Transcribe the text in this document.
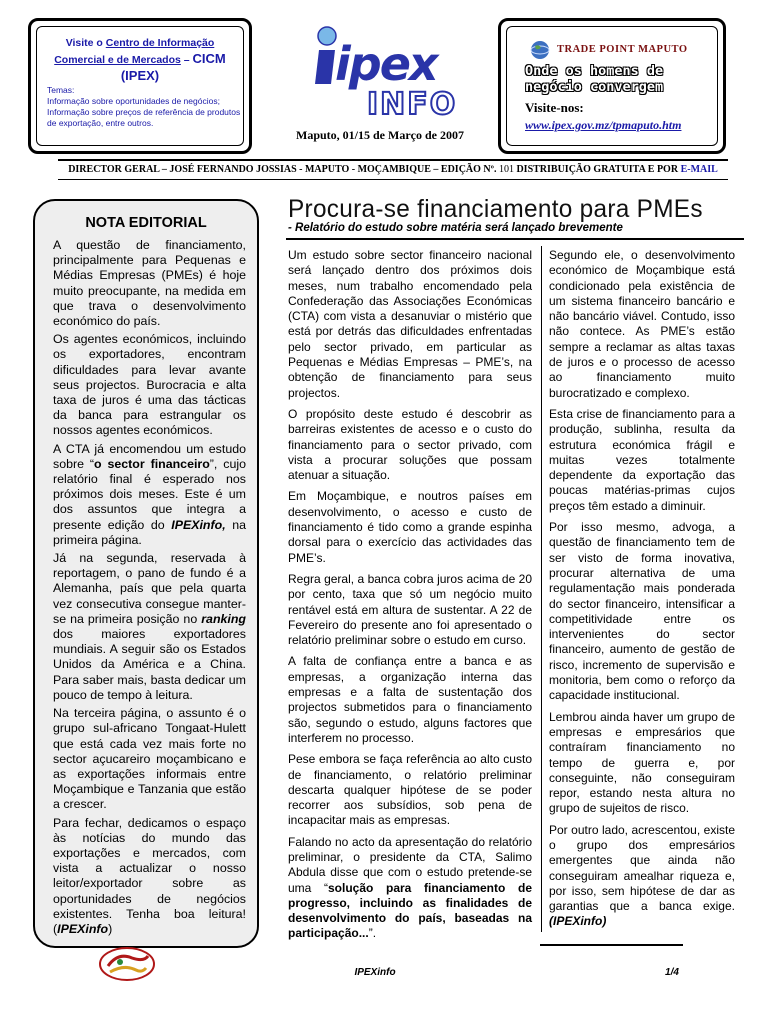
Visite o Centro de Informação
Comercial e de Mercados – CICM
(IPEX)
Temas:
Informação sobre oportunidades de negócios;
Informação sobre preços de referência de produtos de exportação, entre outros.
ipex
INFO
Maputo, 01/15 de Março de 2007
TRADE POINT MAPUTO
Onde os homens de
negócio convergem
Visite-nos:
www.ipex.gov.mz/tpmaputo.htm
DIRECTOR GERAL – JOSÉ FERNANDO JOSSIAS - MAPUTO - MOÇAMBIQUE – EDIÇÃO Nº. 101 DISTRIBUIÇÃO GRATUITA E POR E-MAIL
NOTA EDITORIAL

A questão de financiamento, principalmente para Pequenas e Médias Empresas (PMEs) é hoje muito preocupante, na medida em que trava o desenvolvimento económico do país.

Os agentes económicos, incluindo os exportadores, encontram dificuldades para levar avante seus projectos. Burocracia e alta taxa de juros é uma das tácticas da banca para estrangular os nossos agentes económicos.

A CTA já encomendou um estudo sobre “o sector financeiro”, cujo relatório final é esperado nos próximos dois meses. Este é um dos assuntos que integra a presente edição do IPEXinfo, na primeira página.

Já na segunda, reservada à reportagem, o pano de fundo é a Alemanha, país que pela quarta vez consecutiva consegue manter-se na primeira posição no ranking dos maiores exportadores mundiais. A seguir são os Estados Unidos da América e a China. Para saber mais, basta dedicar um pouco de tempo à leitura.

Na terceira página, o assunto é o grupo sul-africano Tongaat-Hulett que está cada vez mais forte no sector açucareiro moçambicano e as exportações informais entre Moçambique e Tanzania que estão a crescer.

Para fechar, dedicamos o espaço às notícias do mundo das exportações e mercados, com vista a actualizar o nosso leitor/exportador sobre as oportunidades de negócios existentes. Tenha boa leitura! (IPEXinfo)

Procura-se financiamento para PMEs
- Relatório do estudo sobre matéria será lançado brevemente

Um estudo sobre sector financeiro nacional será lançado dentro dos próximos dois meses, num trabalho encomendado pela Confederação das Associações Económicas (CTA) com vista a desanuviar o mistério que está por detrás das dificuldades enfrentadas pelo sector privado, em particular as Pequenas e Médias Empresas – PME’s, na obtenção de financiamento para seus projectos.

O propósito deste estudo é descobrir as barreiras existentes de acesso e o custo do financiamento para o sector privado, com vista a procurar soluções que possam atenuar a situação.

Em Moçambique, e noutros países em desenvolvimento, o acesso e custo de financiamento é tido como a grande espinha dorsal para o exercício das actividades das PME’s.

Regra geral, a banca cobra juros acima de 20 por cento, taxa que só um negócio muito rentável está em altura de sustentar. A 22 de Fevereiro do presente ano foi apresentado o relatório preliminar sobre o estudo em curso.

A falta de confiança entre a banca e as empresas, a organização interna das empresas e a falta de sustentação dos projectos submetidos para o financiamento são, segundo o estudo, alguns factores que interferem no processo.

Pese embora se faça referência ao alto custo de financiamento, o relatório preliminar descarta qualquer hipótese de se poder recorrer aos subsídios, sob pena de incapacitar mais as empresas.

Falando no acto da apresentação do relatório preliminar, o presidente da CTA, Salimo Abdula disse que com o estudo pretende-se uma “solução para financiamento de progresso, incluindo as finalidades de desenvolvimento do país, baseadas na participação...”.

Segundo ele, o desenvolvimento económico de Moçambique está condicionado pela existência de um sistema financeiro bancário e não bancário viável. Contudo, isso não contece. As PME’s estão sempre a reclamar as altas taxas de juros e o processo de acesso ao financiamento muito burocratizado e complexo.

Esta crise de financiamento para a produção, sublinha, resulta da estrutura económica frágil e muitas vezes totalmente dependente da exportação das poucas matérias-primas cujos preços têm estado a diminuir.

Por isso mesmo, advoga, a questão de financiamento tem de ser visto de forma inovativa, procurar alternativa de uma regulamentação mais ponderada do sector financeiro, intensificar a competitividade entre os intervenientes do sector financeiro, aumento de gestão de risco, incremento de supervisão e monitoria, bem como o reforço da capacidade institucional.

Lembrou ainda haver um grupo de empresas e empresários que contraíram financiamento no tempo de guerra e, por conseguinte, não conseguiram repor, estando nesta altura no grupo de sujeitos de risco.

Por outro lado, acrescentou, existe o grupo dos empresários emergentes que ainda não conseguiram amealhar riqueza e, por isso, sem hipótese de dar as garantias que a banca exige. (IPEXinfo)

IPEXinfo	1/4
